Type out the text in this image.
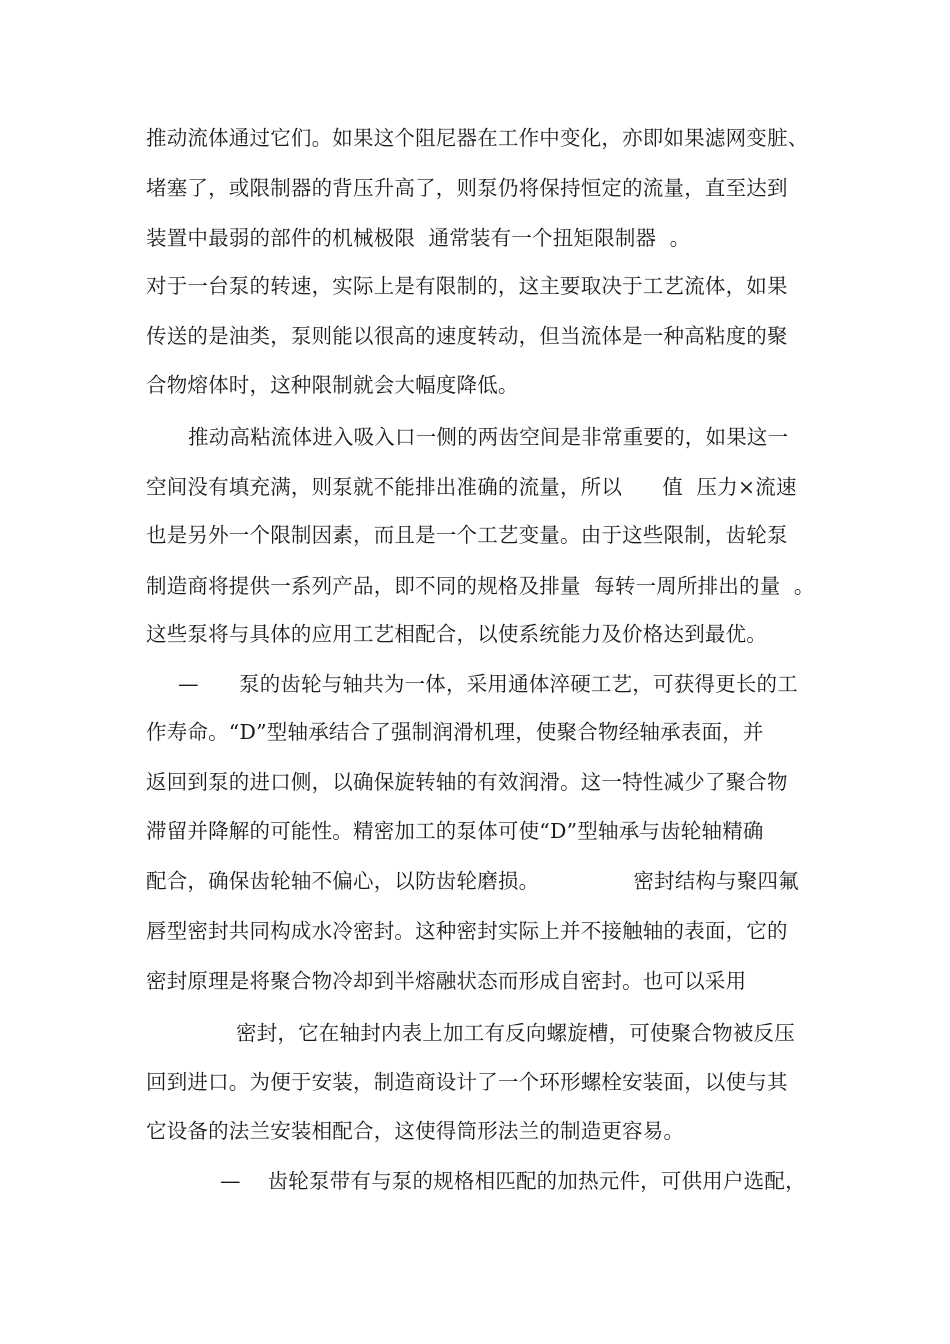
推动流体通过它们。如果这个阻尼器在工作中变化，亦即如果滤网变脏、
堵塞了，或限制器的背压升高了，则泵仍将保持恒定的流量，直至达到
装置中最弱的部件的机械极限  通常装有一个扭矩限制器  。
对于一台泵的转速，实际上是有限制的，这主要取决于工艺流体，如果
传送的是油类，泵则能以很高的速度转动，但当流体是一种高粘度的聚
合物熔体时，这种限制就会大幅度降低。
推动高粘流体进入吸入口一侧的两齿空间是非常重要的，如果这一
空间没有填充满，则泵就不能排出准确的流量，所以      值  压力×流速
也是另外一个限制因素，而且是一个工艺变量。由于这些限制，齿轮泵
制造商将提供一系列产品，即不同的规格及排量  每转一周所排出的量  。
这些泵将与具体的应用工艺相配合，以使系统能力及价格达到最优。
—      泵的齿轮与轴共为一体，采用通体淬硬工艺，可获得更长的工
作寿命。“D”型轴承结合了强制润滑机理，使聚合物经轴承表面，并
返回到泵的进口侧，以确保旋转轴的有效润滑。这一特性减少了聚合物
滞留并降解的可能性。精密加工的泵体可使“D”型轴承与齿轮轴精确
配合，确保齿轮轴不偏心，以防齿轮磨损。              密封结构与聚四氟
唇型密封共同构成水冷密封。这种密封实际上并不接触轴的表面，它的
密封原理是将聚合物冷却到半熔融状态而形成自密封。也可以采用
密封，它在轴封内表上加工有反向螺旋槽，可使聚合物被反压
回到进口。为便于安装，制造商设计了一个环形螺栓安装面，以使与其
它设备的法兰安装相配合，这使得筒形法兰的制造更容易。
—    齿轮泵带有与泵的规格相匹配的加热元件，可供用户选配，
